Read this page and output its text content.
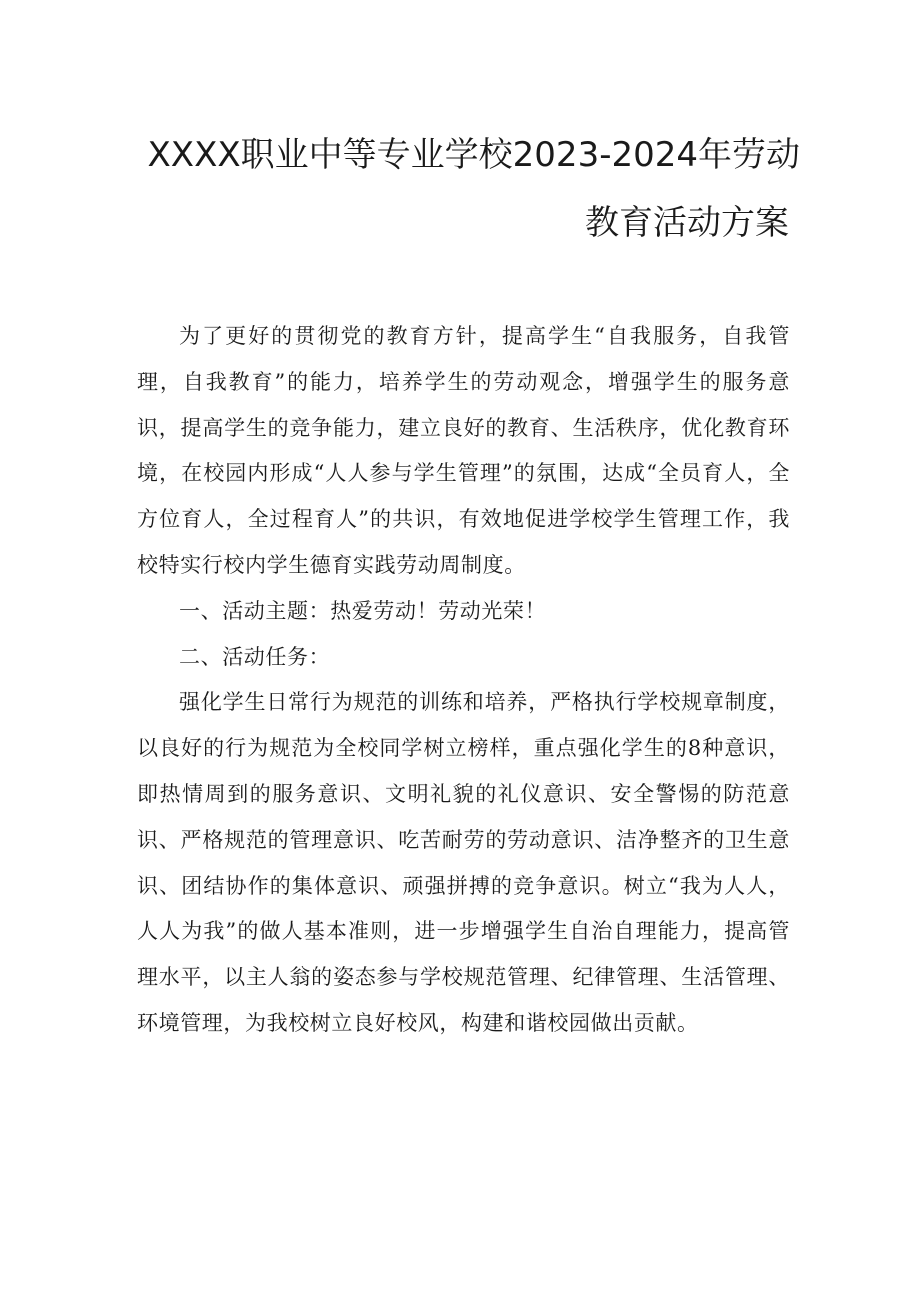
XXXX职业中等专业学校2023-2024年劳动
教育活动方案

为了更好的贯彻党的教育方针，提高学生“自我服务，自我管理，自我教育”的能力，培养学生的劳动观念，增强学生的服务意识，提高学生的竞争能力，建立良好的教育、生活秩序，优化教育环境，在校园内形成“人人参与学生管理”的氛围，达成“全员育人，全方位育人，全过程育人”的共识，有效地促进学校学生管理工作，我校特实行校内学生德育实践劳动周制度。

一、活动主题：热爱劳动！劳动光荣！

二、活动任务：

强化学生日常行为规范的训练和培养，严格执行学校规章制度，以良好的行为规范为全校同学树立榜样，重点强化学生的8种意识，即热情周到的服务意识、文明礼貌的礼仪意识、安全警惕的防范意识、严格规范的管理意识、吃苦耐劳的劳动意识、洁净整齐的卫生意识、团结协作的集体意识、顽强拼搏的竞争意识。树立“我为人人，人人为我”的做人基本准则，进一步增强学生自治自理能力，提高管理水平，以主人翁的姿态参与学校规范管理、纪律管理、生活管理、环境管理，为我校树立良好校风，构建和谐校园做出贡献。
